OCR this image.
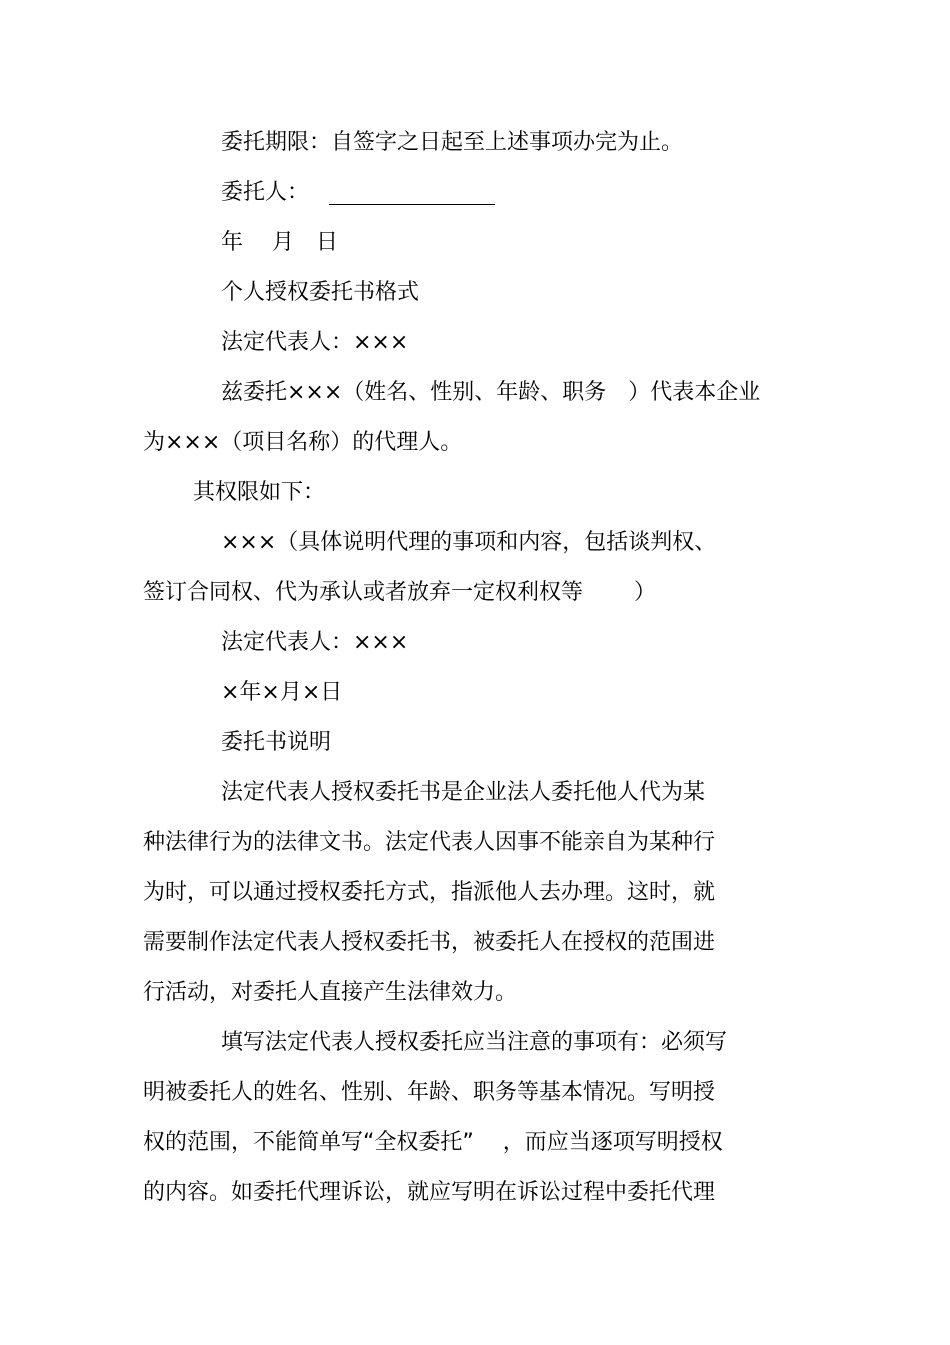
委托期限：自签字之日起至上述事项办完为止。
委托人：
年　 月　日
个人授权委托书格式
法定代表人：×××
兹委托×××（姓名、性别、年龄、职务　）代表本企业
为×××（项目名称）的代理人。
其权限如下：
×××（具体说明代理的事项和内容，包括谈判权、
签订合同权、代为承认或者放弃一定权利权等　　 ）
法定代表人：×××
×年×月×日
委托书说明
法定代表人授权委托书是企业法人委托他人代为某
种法律行为的法律文书。法定代表人因事不能亲自为某种行
为时，可以通过授权委托方式，指派他人去办理。这时，就
需要制作法定代表人授权委托书，被委托人在授权的范围进
行活动，对委托人直接产生法律效力。
填写法定代表人授权委托应当注意的事项有：必须写
明被委托人的姓名、性别、年龄、职务等基本情况。写明授
权的范围，不能简单写“全权委托”　 ，而应当逐项写明授权
的内容。如委托代理诉讼，就应写明在诉讼过程中委托代理
